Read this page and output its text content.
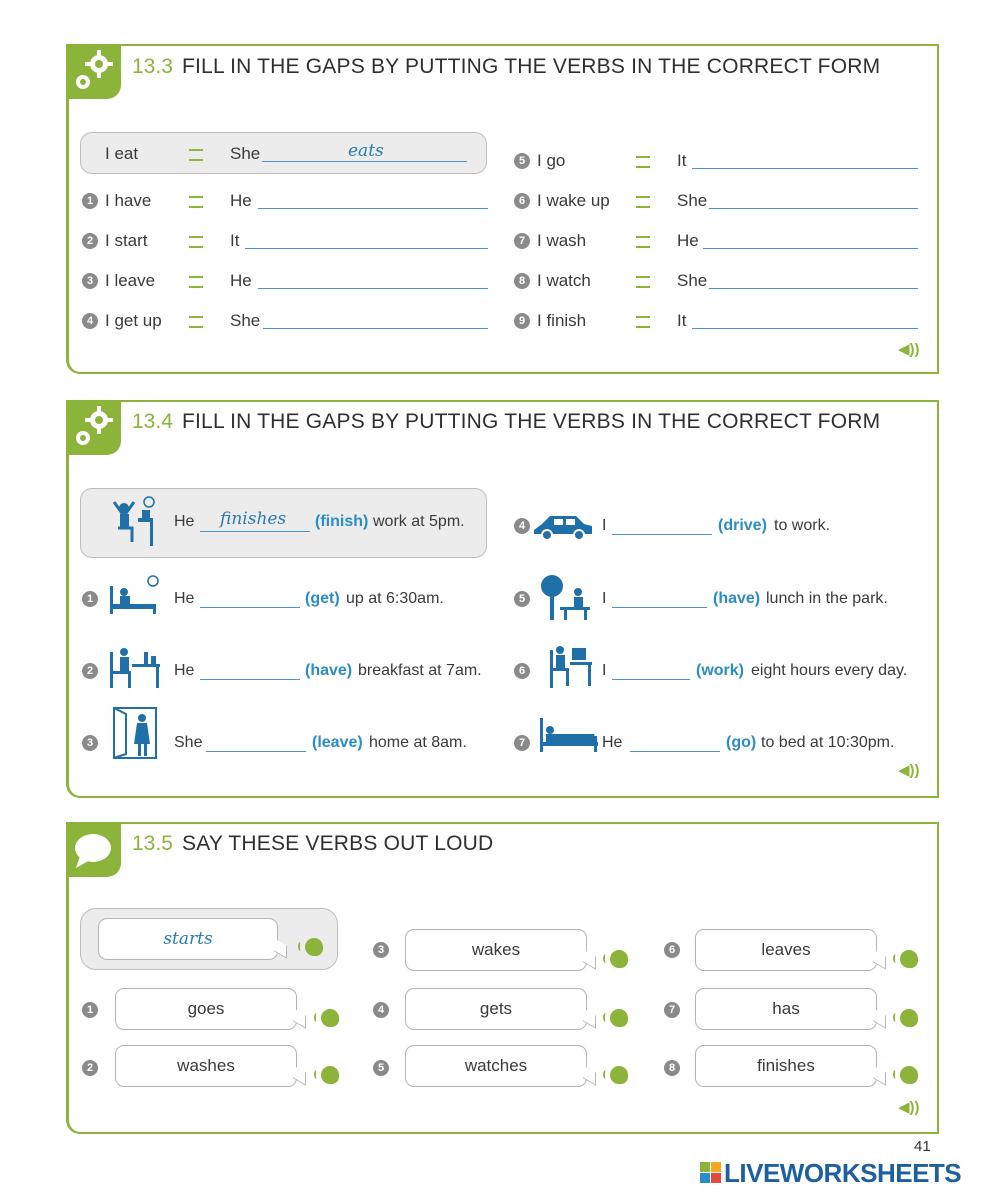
13.3 FILL IN THE GAPS BY PUTTING THE VERBS IN THE CORRECT FORM
I eat	She	eats
1 I have	He
2 I start	It
3 I leave	He
4 I get up	She
5 I go	It
6 I wake up	She
7 I wash	He
8 I watch	She
9 I finish	It
◀))
13.4 FILL IN THE GAPS BY PUTTING THE VERBS IN THE CORRECT FORM
He finishes (finish) work at 5pm.
1	He	(get) up at 6:30am.
2	He	(have) breakfast at 7am.
3	She	(leave) home at 8am.
4	I	(drive) to work.
5	I	(have) lunch in the park.
6	I	(work) eight hours every day.
7	He	(go) to bed at 10:30pm.
◀))
13.5 SAY THESE VERBS OUT LOUD
starts
1	goes
2	washes
3	wakes
4	gets
5	watches
6	leaves
7	has
8	finishes
◀))
41
LIVEWORKSHEETS
